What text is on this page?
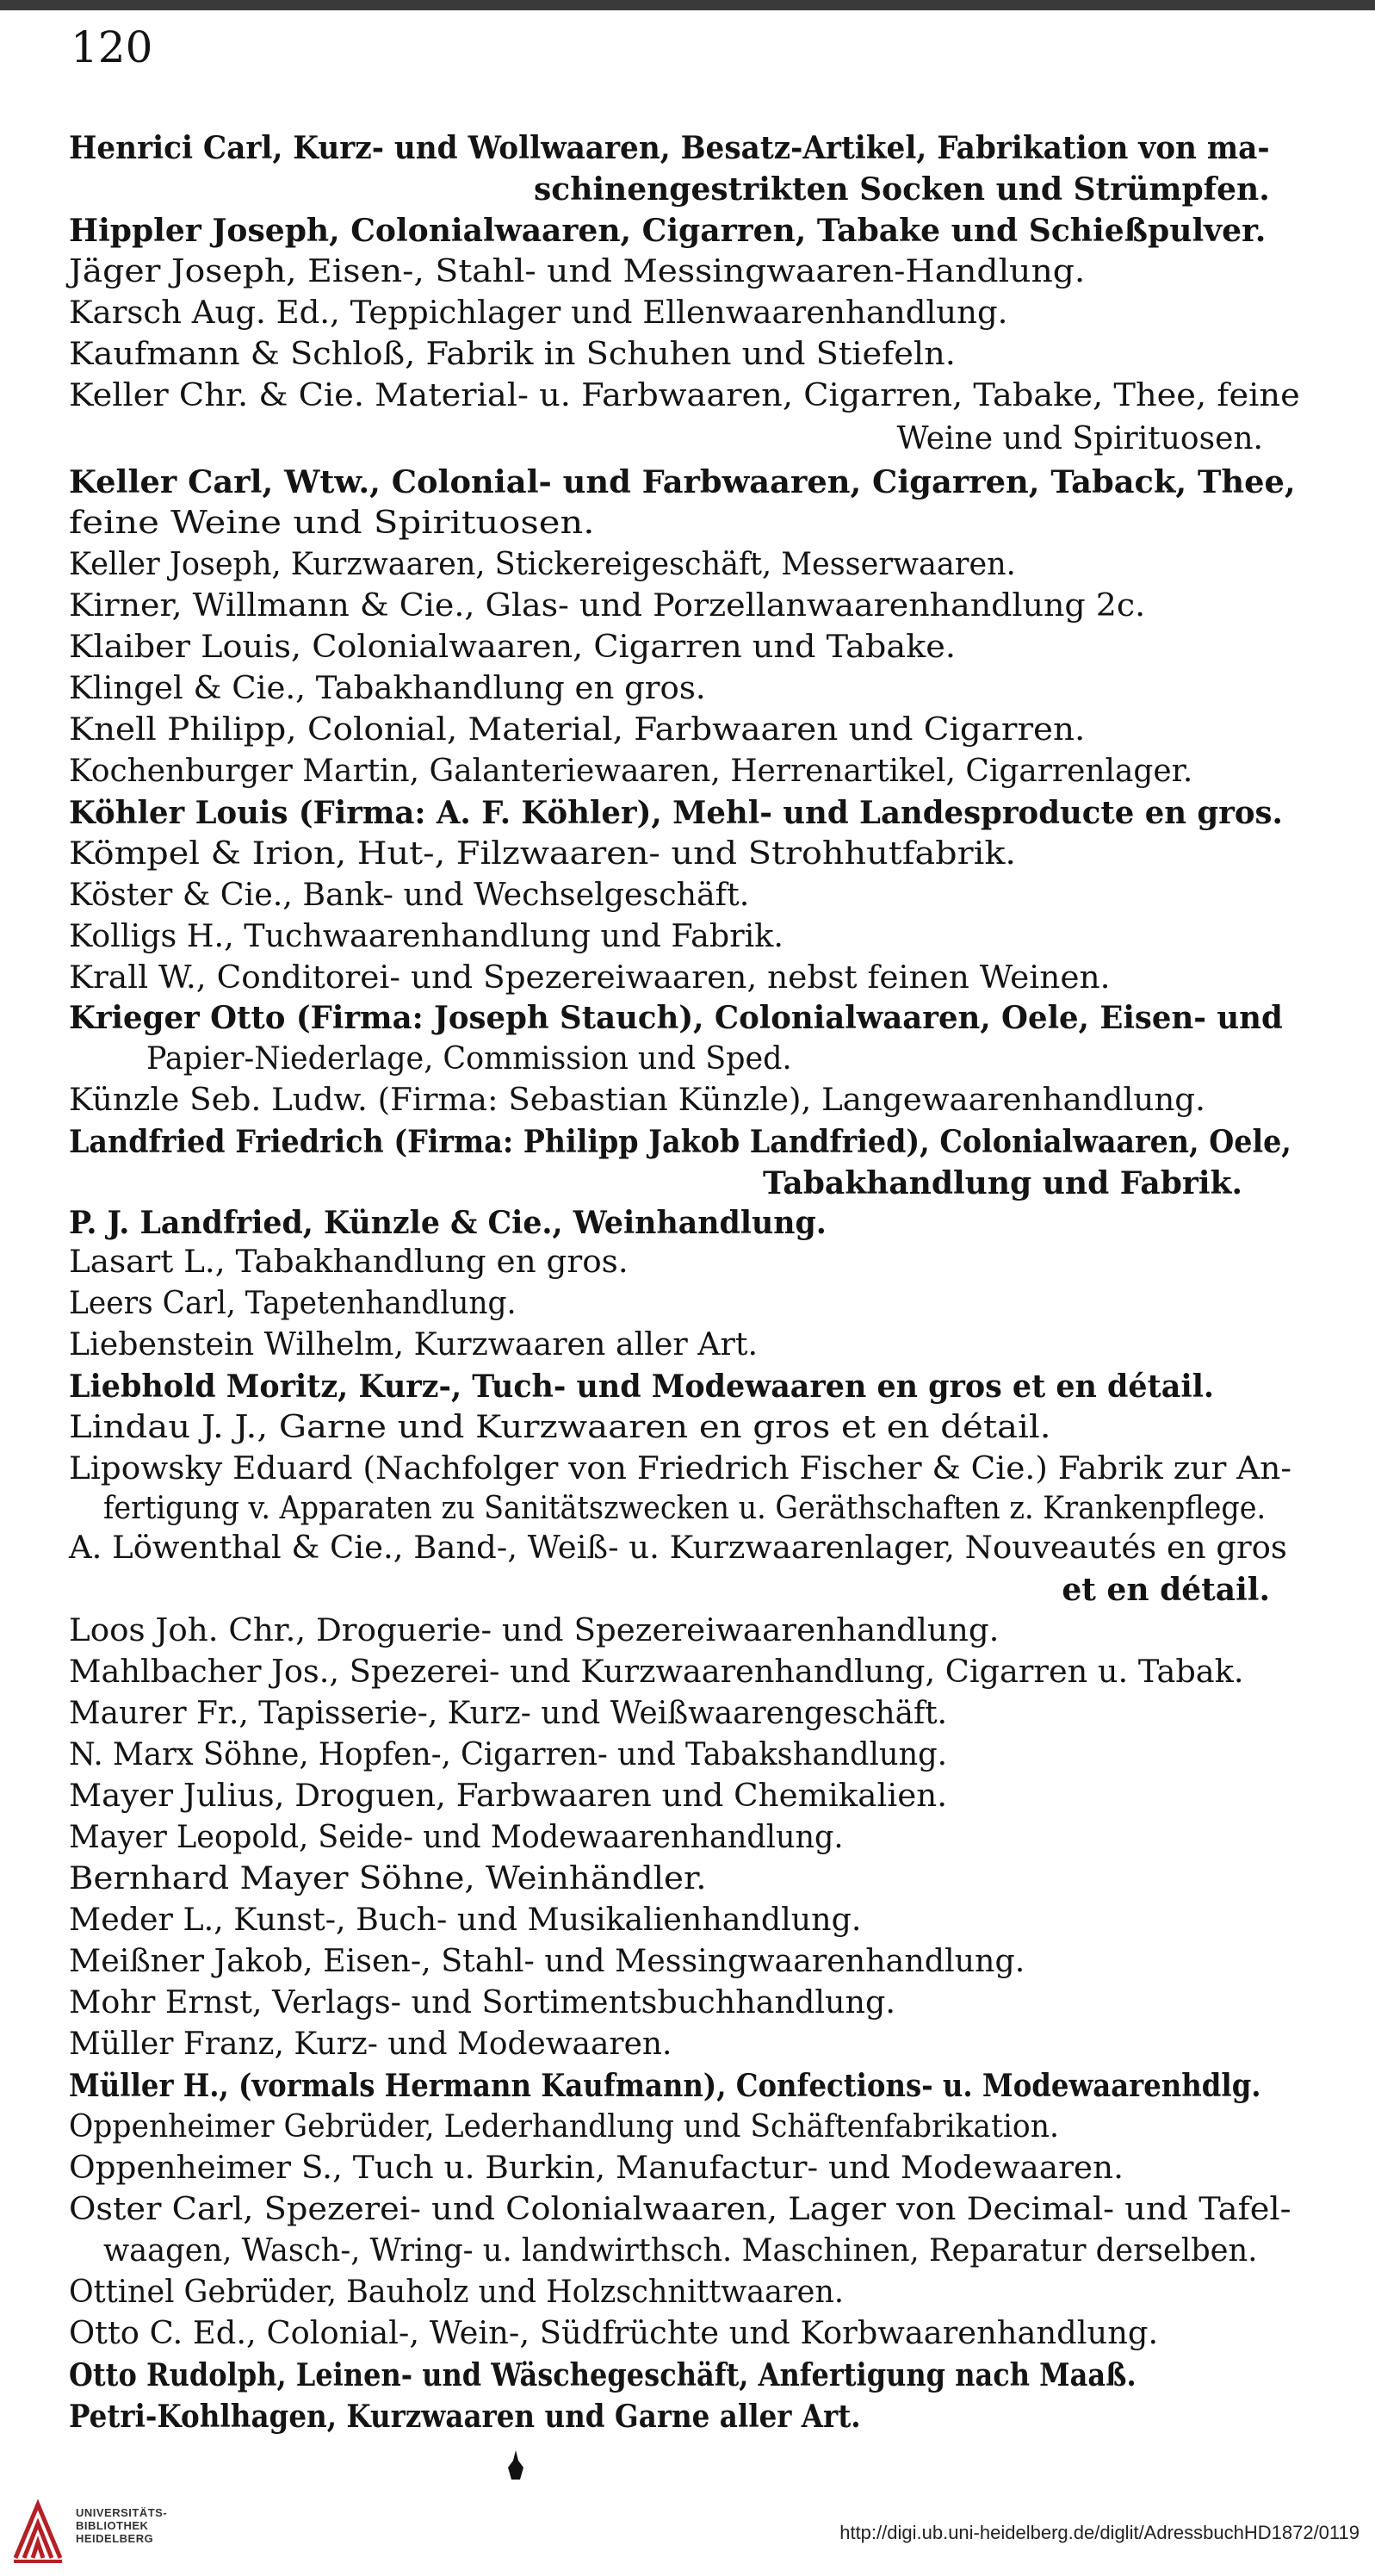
120
Henrici Carl, Kurz- und Wollwaaren, Besatz-Artikel, Fabrikation von ma-
schinengestrikten Socken und Strümpfen.
Hippler Joseph, Colonialwaaren, Cigarren, Tabake und Schießpulver.
Jäger Joseph, Eisen-, Stahl- und Messingwaaren-Handlung.
Karsch Aug. Ed., Teppichlager und Ellenwaarenhandlung.
Kaufmann & Schloß, Fabrik in Schuhen und Stiefeln.
Keller Chr. & Cie. Material- u. Farbwaaren, Cigarren, Tabake, Thee, feine
Weine und Spirituosen.
Keller Carl, Wtw., Colonial- und Farbwaaren, Cigarren, Taback, Thee,
feine Weine und Spirituosen.
Keller Joseph, Kurzwaaren, Stickereigeschäft, Messerwaaren.
Kirner, Willmann & Cie., Glas- und Porzellanwaarenhandlung 2c.
Klaiber Louis, Colonialwaaren, Cigarren und Tabake.
Klingel & Cie., Tabakhandlung en gros.
Knell Philipp, Colonial, Material, Farbwaaren und Cigarren.
Kochenburger Martin, Galanteriewaaren, Herrenartikel, Cigarrenlager.
Köhler Louis (Firma: A. F. Köhler), Mehl- und Landesproducte en gros.
Kömpel & Irion, Hut-, Filzwaaren- und Strohhutfabrik.
Köster & Cie., Bank- und Wechselgeschäft.
Kolligs H., Tuchwaarenhandlung und Fabrik.
Krall W., Conditorei- und Spezereiwaaren, nebst feinen Weinen.
Krieger Otto (Firma: Joseph Stauch), Colonialwaaren, Oele, Eisen- und
Papier-Niederlage, Commission und Sped.
Künzle Seb. Ludw. (Firma: Sebastian Künzle), Langewaarenhandlung.
Landfried Friedrich (Firma: Philipp Jakob Landfried), Colonialwaaren, Oele,
Tabakhandlung und Fabrik.
P. J. Landfried, Künzle & Cie., Weinhandlung.
Lasart L., Tabakhandlung en gros.
Leers Carl, Tapetenhandlung.
Liebenstein Wilhelm, Kurzwaaren aller Art.
Liebhold Moritz, Kurz-, Tuch- und Modewaaren en gros et en détail.
Lindau J. J., Garne und Kurzwaaren en gros et en détail.
Lipowsky Eduard (Nachfolger von Friedrich Fischer & Cie.) Fabrik zur An-
fertigung v. Apparaten zu Sanitätszwecken u. Geräthschaften z. Krankenpflege.
A. Löwenthal & Cie., Band-, Weiß- u. Kurzwaarenlager, Nouveautés en gros
et en détail.
Loos Joh. Chr., Droguerie- und Spezereiwaarenhandlung.
Mahlbacher Jos., Spezerei- und Kurzwaarenhandlung, Cigarren u. Tabak.
Maurer Fr., Tapisserie-, Kurz- und Weißwaarengeschäft.
N. Marx Söhne, Hopfen-, Cigarren- und Tabakshandlung.
Mayer Julius, Droguen, Farbwaaren und Chemikalien.
Mayer Leopold, Seide- und Modewaarenhandlung.
Bernhard Mayer Söhne, Weinhändler.
Meder L., Kunst-, Buch- und Musikalienhandlung.
Meißner Jakob, Eisen-, Stahl- und Messingwaarenhandlung.
Mohr Ernst, Verlags- und Sortimentsbuchhandlung.
Müller Franz, Kurz- und Modewaaren.
Müller H., (vormals Hermann Kaufmann), Confections- u. Modewaarenhdlg.
Oppenheimer Gebrüder, Lederhandlung und Schäftenfabrikation.
Oppenheimer S., Tuch u. Burkin, Manufactur- und Modewaaren.
Oster Carl, Spezerei- und Colonialwaaren, Lager von Decimal- und Tafel-
waagen, Wasch-, Wring- u. landwirthsch. Maschinen, Reparatur derselben.
Ottinel Gebrüder, Bauholz und Holzschnittwaaren.
Otto C. Ed., Colonial-, Wein-, Südfrüchte und Korbwaarenhandlung.
Otto Rudolph, Leinen- und Wäschegeschäft, Anfertigung nach Maaß.
Petri-Kohlhagen, Kurzwaaren und Garne aller Art.
UNIVERSITÄTS-
BIBLIOTHEK
HEIDELBERG	http://digi.ub.uni-heidelberg.de/diglit/AdressbuchHD1872/0119
